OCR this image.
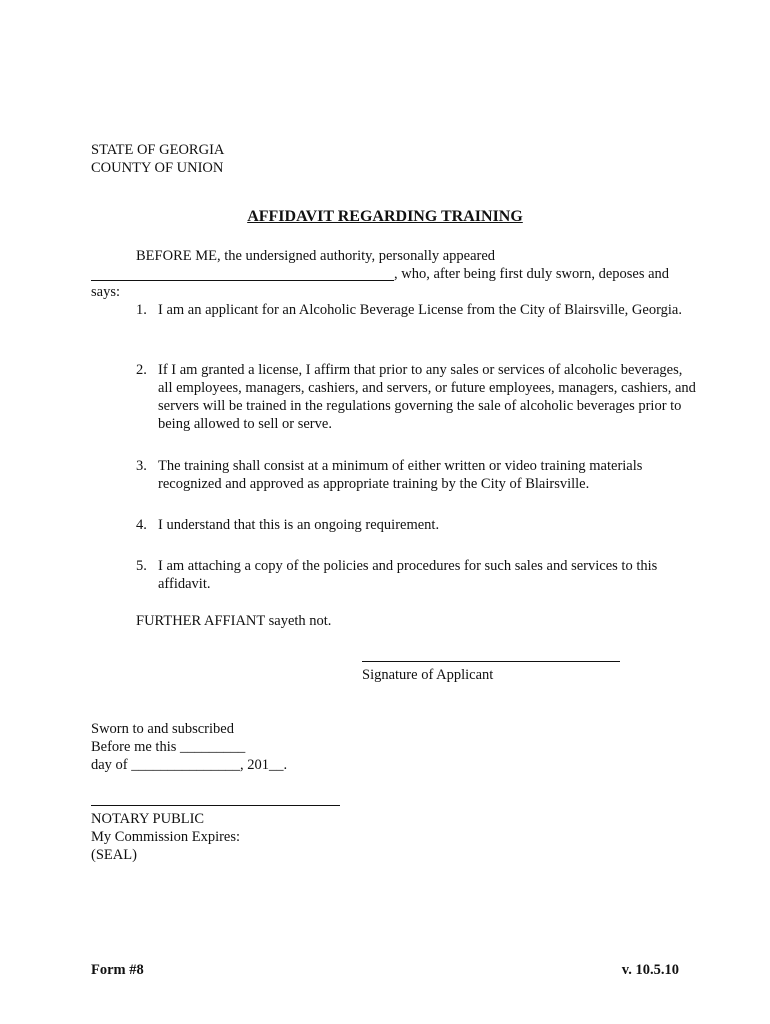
STATE OF GEORGIA
COUNTY OF UNION
AFFIDAVIT REGARDING TRAINING
BEFORE ME, the undersigned authority, personally appeared
, who, after being first duly sworn, deposes and
says:
1. I am an applicant for an Alcoholic Beverage License from the City of Blairsville, Georgia.
2. If I am granted a license, I affirm that prior to any sales or services of alcoholic beverages, all employees, managers, cashiers, and servers, or future employees, managers, cashiers, and servers will be trained in the regulations governing the sale of alcoholic beverages prior to being allowed to sell or serve.
3. The training shall consist at a minimum of either written or video training materials recognized and approved as appropriate training by the City of Blairsville.
4. I understand that this is an ongoing requirement.
5. I am attaching a copy of the policies and procedures for such sales and services to this affidavit.
FURTHER AFFIANT sayeth not.
Signature of Applicant
Sworn to and subscribed
Before me this _________
day of _______________, 201__.
NOTARY PUBLIC
My Commission Expires:
(SEAL)
Form #8	v. 10.5.10
